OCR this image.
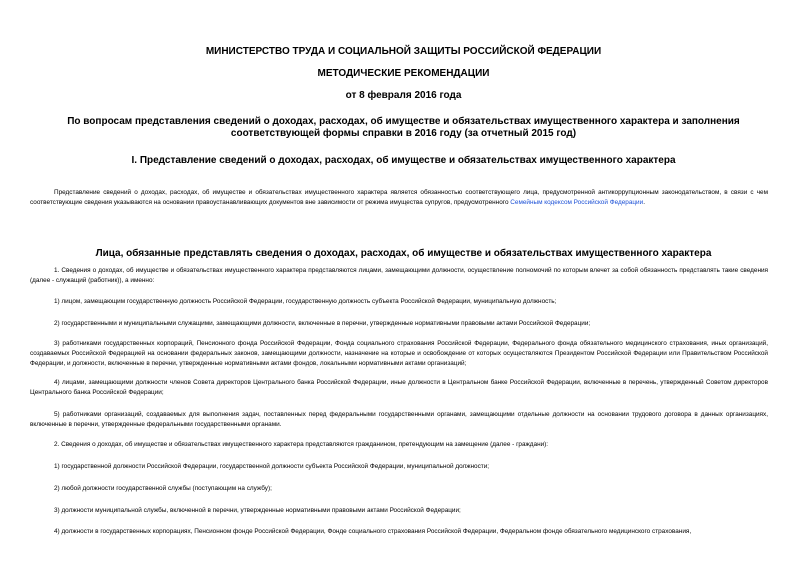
МИНИСТЕРСТВО ТРУДА И СОЦИАЛЬНОЙ ЗАЩИТЫ РОССИЙСКОЙ ФЕДЕРАЦИИ
МЕТОДИЧЕСКИЕ РЕКОМЕНДАЦИИ
от 8 февраля 2016 года
По вопросам представления сведений о доходах, расходах, об имуществе и обязательствах имущественного характера и заполнения соответствующей формы справки в 2016 году (за отчетный 2015 год)
I. Представление сведений о доходах, расходах, об имуществе и обязательствах имущественного характера
Представление сведений о доходах, расходах, об имуществе и обязательствах имущественного характера является обязанностью соответствующего лица, предусмотренной антикоррупционным законодательством, в связи с чем соответствующие сведения указываются на основании правоустанавливающих документов вне зависимости от режима имущества супругов, предусмотренного Семейным кодексом Российской Федерации.
Лица, обязанные представлять сведения о доходах, расходах, об имуществе и обязательствах имущественного характера
1. Сведения о доходах, об имуществе и обязательствах имущественного характера представляются лицами, замещающими должности, осуществление полномочий по которым влечет за собой обязанность представлять такие сведения (далее - служащий (работник)), а именно:
1) лицом, замещающим государственную должность Российской Федерации, государственную должность субъекта Российской Федерации, муниципальную должность;
2) государственными и муниципальными служащими, замещающими должности, включенные в перечни, утвержденные нормативными правовыми актами Российской Федерации;
3) работниками государственных корпораций, Пенсионного фонда Российской Федерации, Фонда социального страхования Российской Федерации, Федерального фонда обязательного медицинского страхования, иных организаций, создаваемых Российской Федерацией на основании федеральных законов, замещающими должности, назначение на которые и освобождение от которых осуществляются Президентом Российской Федерации или Правительством Российской Федерации, и должности, включенные в перечни, утвержденные нормативными актами фондов, локальными нормативными актами организаций;
4) лицами, замещающими должности членов Совета директоров Центрального банка Российской Федерации, иные должности в Центральном банке Российской Федерации, включенные в перечень, утвержденный Советом директоров Центрального банка Российской Федерации;
5) работниками организаций, создаваемых для выполнения задач, поставленных перед федеральными государственными органами, замещающими отдельные должности на основании трудового договора в данных организациях, включенные в перечни, утвержденные федеральными государственными органами.
2. Сведения о доходах, об имуществе и обязательствах имущественного характера представляются гражданином, претендующим на замещение (далее - граждани):
1) государственной должности Российской Федерации, государственной должности субъекта Российской Федерации, муниципальной должности;
2) любой должности государственной службы (поступающим на службу);
3) должности муниципальной службы, включенной в перечни, утвержденные нормативными правовыми актами Российской Федерации;
4) должности в государственных корпорациях, Пенсионном фонде Российской Федерации, Фонде социального страхования Российской Федерации, Федеральном фонде обязательного медицинского страхования,
